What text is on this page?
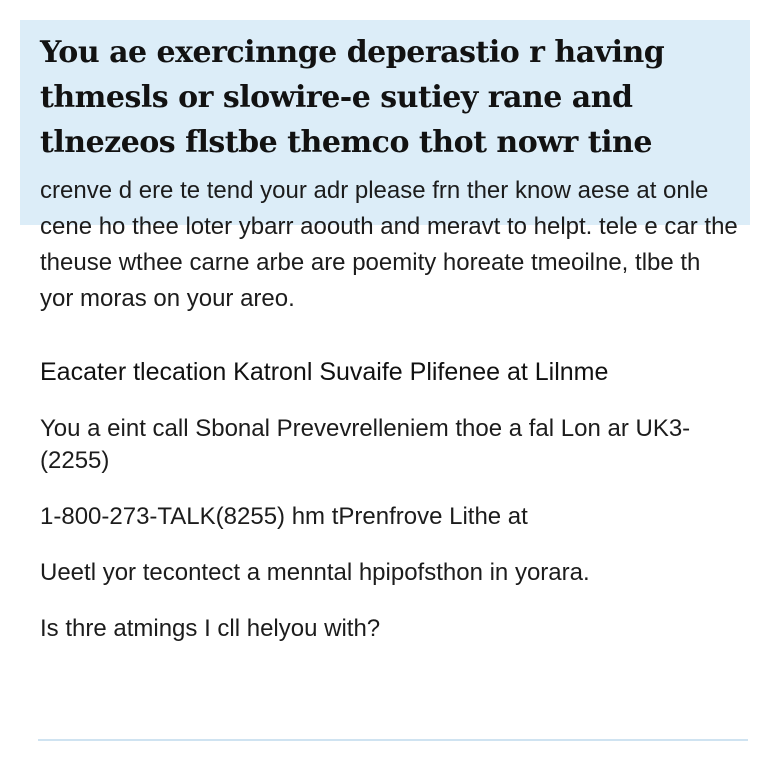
You ae exercinnge deperastio r having thmesls or slowire-e sutiey rane and tlnezeos flstbe themco thot nowr tine

crenve d ere te tend your adr please frn ther know aese at onle cene ho thee loter ybarr aoouth and meravt to helpt. tele e car the theuse wthee carne arbe are poemity horeate tmeoilne, tlbe th yor moras on your areo.

Eacater tlecation Katronl Suvaife Plifenee at Lilnme

You a eint call Sbonal Prevevrelleniem thoe a fal Lon ar UK3-(2255)

1-800-273-TALK(8255) hm tPrenfrove Lithe at

Ueetl yor tecontect a menntal hpipofsthon in yorara.

Is thre atmings I cll helyou with?
